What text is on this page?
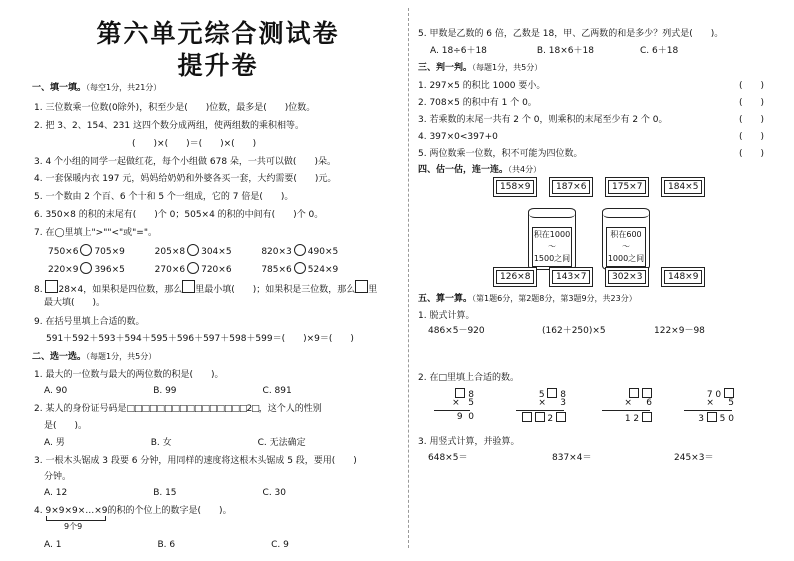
第六单元综合测试卷
提升卷
一、填一填。（每空1分，共21分）
1. 三位数乘一位数(0除外)，积至少是(　　)位数，最多是(　　)位数。
2. 把 3、2、154、231 这四个数分成两组，使两组数的乘积相等。
(　　)×(　　)＝(　　)×(　　)
3. 4 个小组的同学一起做红花，每个小组做 678 朵，一共可以做(　　)朵。
4. 一套保暖内衣 197 元，妈妈给奶奶和外婆各买一套，大约需要(　　)元。
5. 一个数由 2 个百、6 个十和 5 个一组成，它的 7 倍是(　　)。
6. 350×8 的积的末尾有(　　)个 0；505×4 的积的中间有(　　)个 0。
7. 在◯里填上">""<"或"="。
750×6 705×9	205×8 304×5	820×3 490×5
220×9 396×5	270×6 720×6	785×6 524×9
8. 28×4，如果积是四位数，那么 里最小填(　　)；如果积是三位数，那么 里
最大填(　　)。
9. 在括号里填上合适的数。
591＋592＋593＋594＋595＋596＋597＋598＋599＝(　　)×9＝(　　)
二、选一选。（每题1分，共5分）
1. 最大的一位数与最大的两位数的积是(　　)。
A. 90	B. 99	C. 891
2. 某人的身份证号码是□□□□□□□□□□□□□□□□2□，这个人的性别
是(　　)。
A. 男	B. 女	C. 无法确定
3. 一根木头锯成 3 段要 6 分钟，用同样的速度将这根木头锯成 5 段，要用(　　)
分钟。
A. 12	B. 15	C. 30
4. 9×9×9×…×9的积的个位上的数字是(　　)。
9个9
A. 1	B. 6	C. 9
5. 甲数是乙数的 6 倍，乙数是 18，甲、乙两数的和是多少？列式是(　　)。
A. 18÷6＋18	B. 18×6＋18	C. 6＋18
三、判一判。（每题1分，共5分）
1. 297×5 的积比 1000 要小。	(　　)
2. 708×5 的积中有 1 个 0。	(　　)
3. 若乘数的末尾一共有 2 个 0，则乘积的末尾至少有 2 个 0。	(　　)
4. 397×0<397+0	(　　)
5. 两位数乘一位数，积不可能为四位数。	(　　)
四、估一估，连一连。（共4分）
158×9	187×6	175×7	184×5
积在1000～
1500之间
积在600～
1000之间
126×8	143×7	302×3	148×9
五、算一算。（第1题6分，第2题8分，第3题9分，共23分）
1. 脱式计算。
486×5－920	(162＋250)×5	122×9－98
2. 在□里填上合适的数。
8
×   5
9  0
5  8
×     3
2

×     6
1 2
7 0
×     5
3  5 0
3. 用竖式计算，并验算。
648×5＝	837×4＝	245×3＝
